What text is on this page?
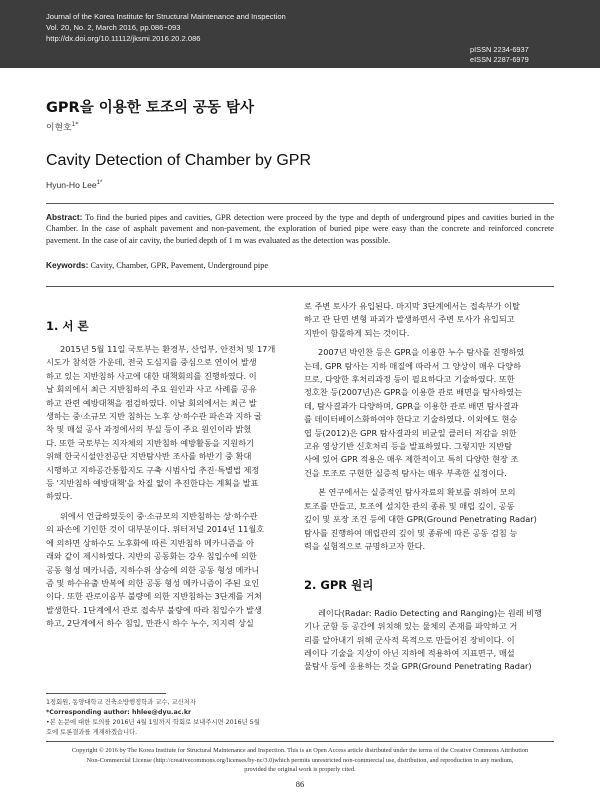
Journal of the Korea Institute for Structural Maintenance and Inspection
Vol. 20, No. 2, March 2016, pp.086~093
http://dx.doi.org/10.11112/jksmi.2016.20.2.086
pISSN 2234-6937
eISSN 2287-6979
GPR을 이용한 토조의 공동 탐사
이현호$^{1*}$
Cavity Detection of Chamber by GPR
Hyun-Ho Lee$^{1*}$
Abstract: To find the buried pipes and cavities, GPR detection were proceed by the type and depth of underground pipes and cavities buried in the Chamber. In the case of asphalt pavement and non-pavement, the exploration of buried pipe were easy than the concrete and reinforced concrete pavement. In the case of air cavity, the buried depth of 1 m was evaluated as the detection was possible.
Keywords: Cavity, Chamber, GPR, Pavement, Underground pipe
1. 서 론
2015년 5월 11일 국토부는 환경부, 산업부, 안전처 및 17개
시도가 참석한 가운데, 전국 도심지를 중심으로 연이어 발생
하고 있는 지반침하 사고에 대한 대책회의를 진행하였다. 이
날 회의에서 최근 지반침하의 주요 원인과 사고 사례를 공유
하고 관련 예방대책을 점검하였다. 이날 회의에서는 최근 발
생하는 중·소규모 지반 침하는 노후 상·하수관 파손과 지하 굴
착 및 매설 공사 과정에서의 부실 등이 주요 원인이라 밝혔
다. 또한 국토부는 지자체의 지반침하 예방활동을 지원하기
위해 한국시설안전공단 지반탐사반 조사를 하반기 중 확대
시행하고 지하공간통합지도 구축 시범사업 추진·특별법 제정
등 '지반침하 예방대책'을 차질 없이 추진한다는 계획을 발표
하였다.
위에서 언급하였듯이 중·소규모의 지반침하는 상·하수관
의 파손에 기인한 것이 대부분이다. 위터저널 2014년 11월호
에 의하면 상하수도 노후화에 따른 지반침하 메카니즘을 아
래와 같이 제시하였다. 지반의 공동화는 강우 침입수에 의한
공동 형성 메카니즘, 지하수위 상승에 의한 공동 형성 메카니
즘 및 하수유출 반복에 의한 공동 형성 메카니즘이 주된 요인
이다. 또한 관로이음부 불량에 의한 지반침하는 3단계를 거쳐
발생한다. 1단계에서 관로 접속부 불량에 따라 침입수가 발생
하고, 2단계에서 하수 침입, 만관시 하수 누수, 지지력 상실
로 주변 토사가 유입된다. 마지막 3단계에서는 접속부가 이탈
하고 관 단면 변형 파괴가 발생하면서 주변 토사가 유입되고
지반이 함몰하게 되는 것이다.
2007년 박인찬 등은 GPR을 이용한 누수 탐사를 진행하였
는데, GPR 탐사는 지하 매질에 따라서 그 양상이 매우 다양하
므로, 다양한 후처리과정 등이 필요하다고 기술하였다. 또한
정호찬 등(2007년)은 GPR을 이용한 관로 배면을 탐사하였는
데, 탐사결과가 다양하며, GPR을 이용한 관로 배면 탐사결과
를 데이터베이스화하여야 한다고 기술하였다. 이외에도 현승
엽 등(2012)은 GPR 탐사결과의 비균일 클러터 저감을 위한
고유 영상기반 신호처리 등을 발표하였다. 그렇지만 지반탐
사에 있어 GPR 적용은 매우 제한적이고 특히 다양한 현장 조
건을 토조로 구현한 실증적 탐사는 매우 부족한 실정이다.
본 연구에서는 실증적인 탐사자료의 확보를 위하여 모의
토조를 만들고, 토조에 설치한 관의 종류 및 매립 깊이, 공동
깊이 및 포장 조건 등에 대한 GPR(Ground Penetrating Radar)
탐사를 진행하여 매립관의 깊이 및 종류에 따른 공동 검침 능
력을 실험적으로 규명하고자 한다.
2. GPR 원리
레이다(Radar: Radio Detecting and Ranging)는 원래 비행
기나 군함 등 공간에 위치해 있는 물체의 존재를 파악하고 거
리를 알아내기 위해 군사적 목적으로 만들어진 장비이다. 이
레이다 기술을 지상이 아닌 지하에 적용하여 지표면구, 매설
물탐사 등에 응용하는 것을 GPR(Ground Penetrating Radar)
1정회원, 동양대학교 건축소방행정학과 교수, 교신저자
*Corresponding author: hhlee@dyu.ac.kr
•본 논문에 대한 토의를 2016년 4월 1일까지 학회로 보내주시면 2016년 5월
호에 토론결과를 게재하겠습니다.
Copyright © 2016 by The Korea Institute for Structural Maintenance and Inspection. This is an Open Access article distributed under the terms of the Creative Commons Attribution
Non-Commercial License (http://creativecommons.org/licenses/by-nc/3.0)which permits unrestricted non-commercial use, distribution, and reproduction in any medium,
provided the original work is properly cited.
86
